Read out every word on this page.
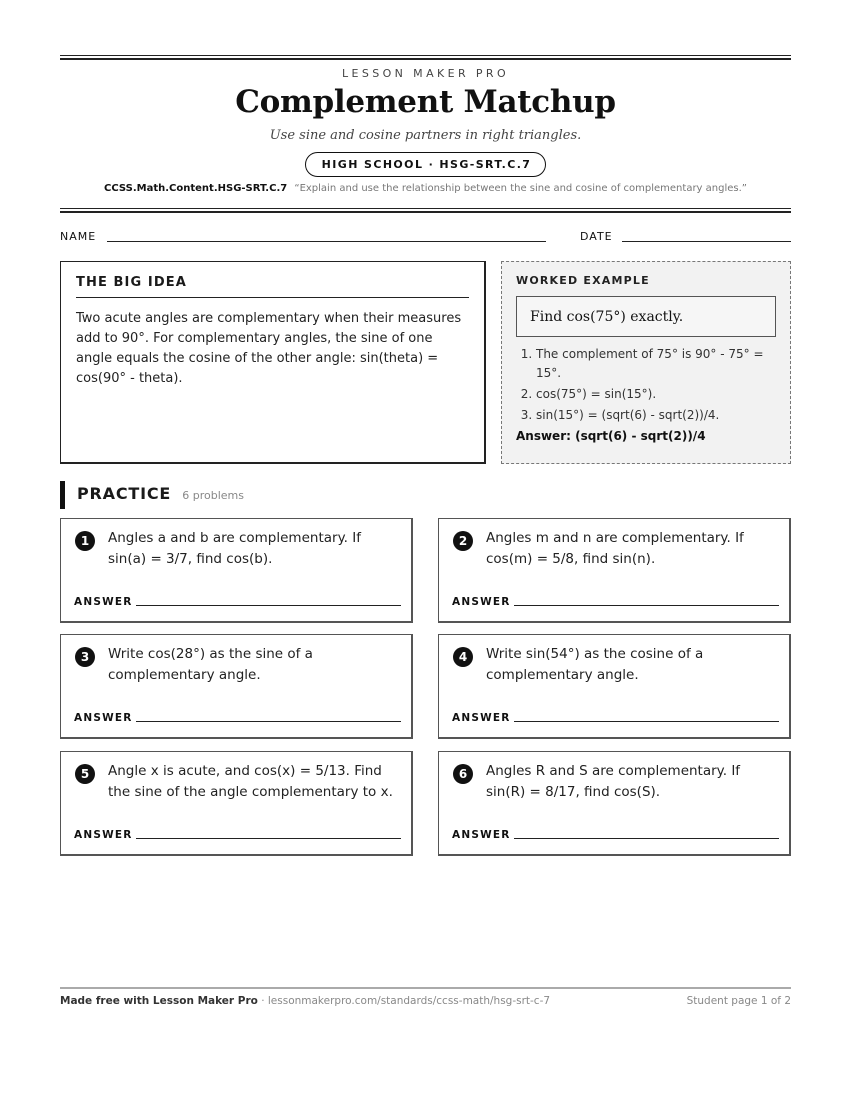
LESSON MAKER PRO
Complement Matchup
Use sine and cosine partners in right triangles.
HIGH SCHOOL · HSG-SRT.C.7
CCSS.Math.Content.HSG-SRT.C.7 “Explain and use the relationship between the sine and cosine of complementary angles.”
NAME	DATE
THE BIG IDEA

Two acute angles are complementary when their measures add to 90°. For complementary angles, the sine of one angle equals the cosine of the other angle: sin(theta) = cos(90° - theta).

WORKED EXAMPLE
Find cos(75°) exactly.
1. The complement of 75° is 90° - 75° = 15°.
2. cos(75°) = sin(15°).
3. sin(15°) = (sqrt(6) - sqrt(2))/4.
Answer: (sqrt(6) - sqrt(2))/4
PRACTICE 6 problems
1	Angles a and b are complementary. If sin(a) = 3/7, find cos(b).
ANSWER
2	Angles m and n are complementary. If cos(m) = 5/8, find sin(n).
ANSWER
3	Write cos(28°) as the sine of a complementary angle.
ANSWER
4	Write sin(54°) as the cosine of a complementary angle.
ANSWER
5	Angle x is acute, and cos(x) = 5/13. Find the sine of the angle complementary to x.
ANSWER
6	Angles R and S are complementary. If sin(R) = 8/17, find cos(S).
ANSWER
Made free with Lesson Maker Pro · lessonmakerpro.com/standards/ccss-math/hsg-srt-c-7	Student page 1 of 2
